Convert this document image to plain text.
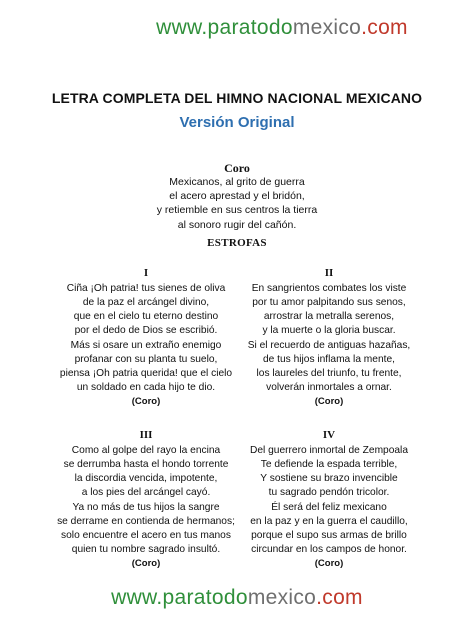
www.paratodomexico.com
LETRA COMPLETA DEL HIMNO NACIONAL MEXICANO
Versión Original
Coro
Mexicanos, al grito de guerra
el acero aprestad y el bridón,
y retiemble en sus centros la tierra
al sonoro rugir del cañón.
ESTROFAS
I
Ciña ¡Oh patria! tus sienes de oliva
de la paz el arcángel divino,
que en el cielo tu eterno destino
por el dedo de Dios se escribió.
Más si osare un extraño enemigo
profanar con su planta tu suelo,
piensa ¡Oh patria querida! que el cielo
un soldado en cada hijo te dio.
(Coro)
II
En sangrientos combates los viste
por tu amor palpitando sus senos,
arrostrar la metralla serenos,
y la muerte o la gloria buscar.
Si el recuerdo de antiguas hazañas,
de tus hijos inflama la mente,
los laureles del triunfo, tu frente,
volverán inmortales a ornar.
(Coro)
III
Como al golpe del rayo la encina
se derrumba hasta el hondo torrente
la discordia vencida, impotente,
a los pies del arcángel cayó.
Ya no más de tus hijos la sangre
se derrame en contienda de hermanos;
solo encuentre el acero en tus manos
quien tu nombre sagrado insultó.
(Coro)
IV
Del guerrero inmortal de Zempoala
Te defiende la espada terrible,
Y sostiene su brazo invencible
tu sagrado pendón tricolor.
Él será del feliz mexicano
en la paz y en la guerra el caudillo,
porque el supo sus armas de brillo
circundar en los campos de honor.
(Coro)
www.paratodomexico.com
